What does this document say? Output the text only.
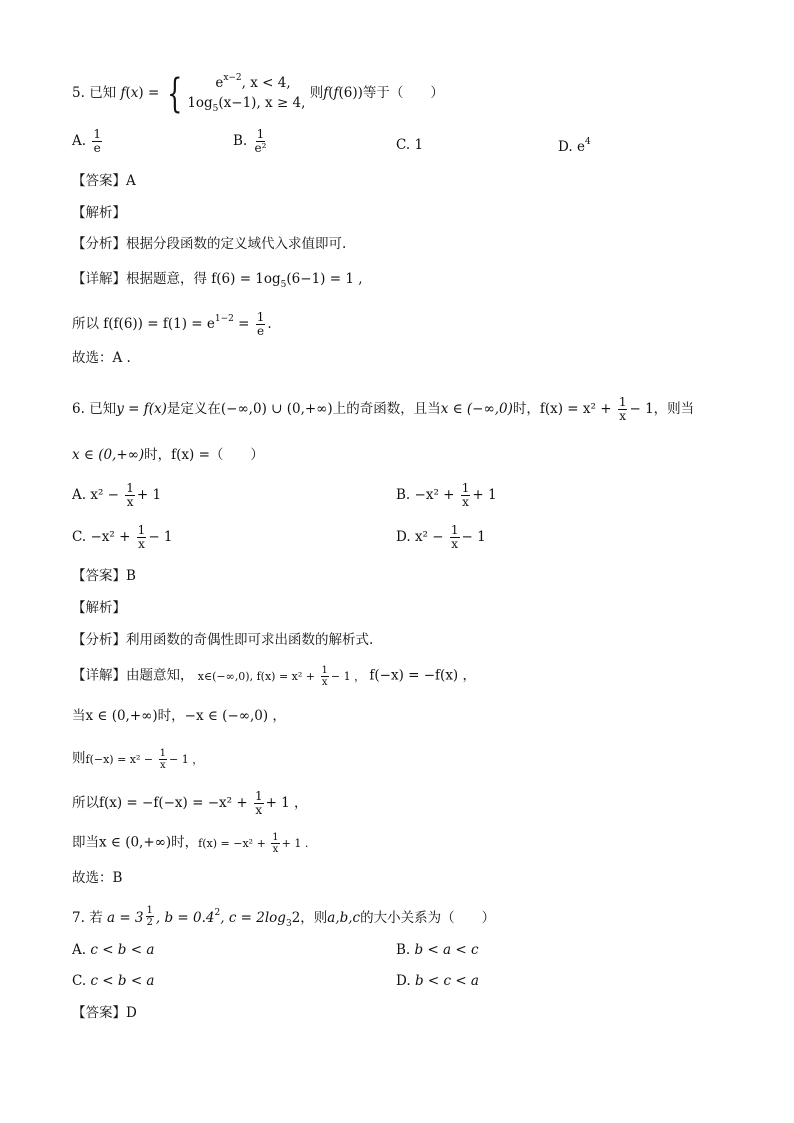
5. 已知 f(x) = {	$e^{x-2}$, x < 4,
$1og_5(x-1)$, x ≥ 4,
则f(f(6))等于（　　）
A. $\frac{1}{e}$	B. $\frac{1}{\text{e²}}$	C. 1	D. $e^4$
【答案】A
【解析】
【分析】根据分段函数的定义域代入求值即可.
【详解】根据题意，得 $f(6) = 1og_5(6-1) = 1$ ,
所以 $f(f(6)) = f(1) = e^{1-2} = \frac{1}{e}$ .
故选：A .
6. 已知y = f(x)是定义在(−∞,0) ∪ (0,+∞)上的奇函数，且当x ∈ (−∞,0)时，$f(x) = x^2 + \frac{1}{x} - 1$，则当
x ∈ (0,+∞)时，f(x) =（　　）
A. $x^2 - \frac{1}{x} + 1$	B. $-x^2 + \frac{1}{x} + 1$
C. $-x^2 + \frac{1}{x} - 1$	D. $x^2 - \frac{1}{x} - 1$
【答案】B
【解析】
【分析】利用函数的奇偶性即可求出函数的解析式.
【详解】由题意知， x∈(−∞,0), $f(x) = x^2 + \frac{1}{x} - 1$ ， f(−x) = −f(x) ，
当x ∈ (0,+∞)时，−x ∈ (−∞,0) ，
则$f(-x) = x^2 - \frac{1}{x} - 1$ ，
所以$f(x) = -f(-x) = -x^2 + \frac{1}{x} + 1$ ，
即当x ∈ (0,+∞)时，$f(x) = -x^2 + \frac{1}{x} + 1$ .
故选：B
7. 若 $a = 3 \frac{1}{2}$ , $b = 0.4^2$, $c = 2\log_32$，则a,b,c的大小关系为（　　）
A. c < b < a	B. b < a < c
C. c < b < a	D. b < c < a
【答案】D
